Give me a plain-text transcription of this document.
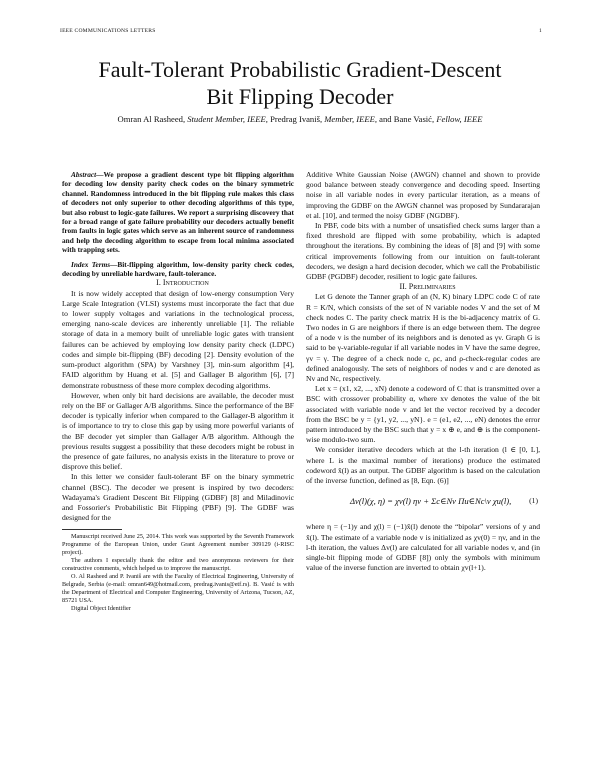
IEEE COMMUNICATIONS LETTERS	1
Fault-Tolerant Probabilistic Gradient-Descent
Bit Flipping Decoder
Omran Al Rasheed, Student Member, IEEE, Predrag Ivaniš, Member, IEEE, and Bane Vasić, Fellow, IEEE

Abstract—We propose a gradient descent type bit flipping algorithm for decoding low density parity check codes on the binary symmetric channel. Randomness introduced in the bit flipping rule makes this class of decoders not only superior to other decoding algorithms of this type, but also robust to logic-gate failures. We report a surprising discovery that for a broad range of gate failure probability our decoders actually benefit from faults in logic gates which serve as an inherent source of randomness and help the decoding algorithm to escape from local minima associated with trapping sets.

Index Terms—Bit-flipping algorithm, low-density parity check codes, decoding by unreliable hardware, fault-tolerance.

I. Introduction

It is now widely accepted that design of low-energy consumption Very Large Scale Integration (VLSI) systems must incorporate the fact that due to lower supply voltages and variations in the technological process, emerging nano-scale devices are inherently unreliable [1]. The reliable storage of data in a memory built of unreliable logic gates with transient failures can be achieved by employing low density parity check (LDPC) codes and simple bit-flipping (BF) decoding [2]. Density evolution of the sum-product algorithm (SPA) by Varshney [3], min-sum algorithm [4], FAID algorithm by Huang et al. [5] and Gallager B algorithm [6], [7] demonstrate robustness of these more complex decoding algorithms.

However, when only bit hard decisions are available, the decoder must rely on the BF or Gallager A/B algorithms. Since the performance of the BF decoder is typically inferior when compared to the Gallager-B algorithm it is of importance to try to close this gap by using more powerful variants of the BF decoder yet simpler than Gallager A/B algorithm. Although the previous results suggest a possibility that these decoders might be robust in the presence of gate failures, no analysis exists in the literature to prove or disprove this belief.

In this letter we consider fault-tolerant BF on the binary symmetric channel (BSC). The decoder we present is inspired by two decoders: Wadayama's Gradient Descent Bit Flipping (GDBF) [8] and Miladinovic and Fossorier's Probabilistic Bit Flipping (PBF) [9]. The GDBF was designed for the

Manuscript received June 25, 2014. This work was supported by the Seventh Framework Programme of the European Union, under Grant Agreement number 309129 (i-RISC project).

The authors I especially thank the editor and two anonymous reviewers for their constructive comments, which helped us to improve the manuscript.

O. Al Rasheed and P. Ivaniš are with the Faculty of Electrical Engineering, University of Belgrade, Serbia (e-mail: omran649@hotmail.com, predrag.ivanis@etf.rs). B. Vasić is with the Department of Electrical and Computer Engineering, University of Arizona, Tucson, AZ, 85721 USA.

Digital Object Identifier

Additive White Gaussian Noise (AWGN) channel and shown to provide good balance between steady convergence and decoding speed. Inserting noise in all variable nodes in every particular iteration, as a means of improving the GDBF on the AWGN channel was proposed by Sundararajan et al. [10], and termed the noisy GDBF (NGDBF).

In PBF, code bits with a number of unsatisfied check sums larger than a fixed threshold are flipped with some probability, which is adapted throughout the iterations. By combining the ideas of [8] and [9] with some critical improvements following from our intuition on fault-tolerant decoders, we design a hard decision decoder, which we call the Probabilistic GDBF (PGDBF) decoder, resilient to logic gate failures.

II. Preliminaries

Let G denote the Tanner graph of an (N, K) binary LDPC code C of rate R = K/N, which consists of the set of N variable nodes V and the set of M check nodes C. The parity check matrix H is the bi-adjacency matrix of G. Two nodes in G are neighbors if there is an edge between them. The degree of a node v is the number of its neighbors and is denoted as γv. Graph G is said to be γ-variable-regular if all variable nodes in V have the same degree, γv = γ. The degree of a check node c, ρc, and ρ-check-regular codes are defined analogously. The sets of neighbors of nodes v and c are denoted as Nv and Nc, respectively.

Let x = (x1, x2, ..., xN) denote a codeword of C that is transmitted over a BSC with crossover probability α, where xv denotes the value of the bit associated with variable node v and let the vector received by a decoder from the BSC be y = {y1, y2, ..., yN}. e = (e1, e2, ..., eN) denotes the error pattern introduced by the BSC such that y = x ⊕ e, and ⊕ is the component-wise modulo-two sum.

We consider iterative decoders which at the l-th iteration (l ∈ [0, L], where L is the maximal number of iterations) produce the estimated codeword x̂(l) as an output. The GDBF algorithm is based on the calculation of the inverse function, defined as [8, Eqn. (6)]

Δv(l)(χ, η) = χv(l) ηv + Σc∈Nv Πu∈Nc\v χu(l), (1)

where η = (−1)y and χ(l) = (−1)x̂(l) denote the “bipolar” versions of y and x̂(l). The estimate of a variable node v is initialized as χv(0) = ηv, and in the l-th iteration, the values Δv(l) are calculated for all variable nodes v, and (in single-bit flipping mode of GDBF [8]) only the symbols with minimum value of the inverse function are inverted to obtain χv(l+1).
